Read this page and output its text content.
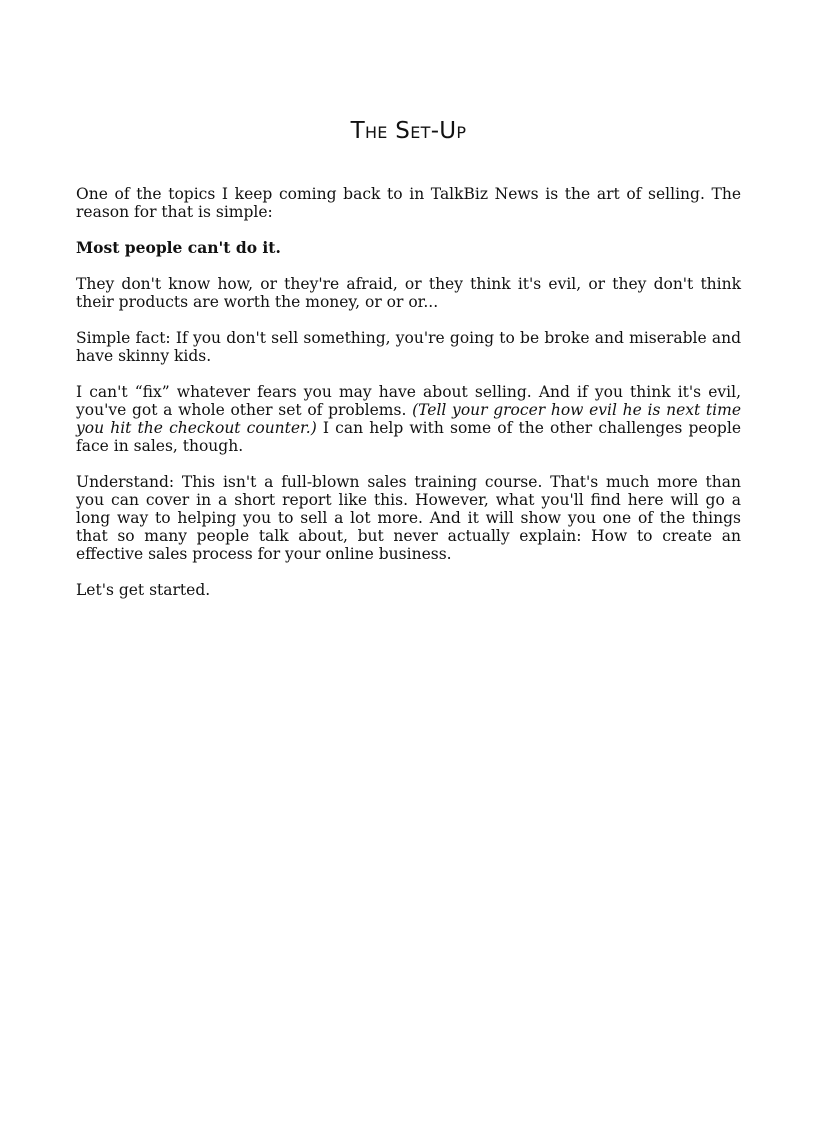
The Set-Up

One of the topics I keep coming back to in TalkBiz News is the art of selling. The reason for that is simple:

Most people can't do it.

They don't know how, or they're afraid, or they think it's evil, or they don't think their products are worth the money, or or or...

Simple fact: If you don't sell something, you're going to be broke and miserable and have skinny kids.

I can't “fix” whatever fears you may have about selling. And if you think it's evil, you've got a whole other set of problems. (Tell your grocer how evil he is next time you hit the checkout counter.) I can help with some of the other challenges people face in sales, though.

Understand: This isn't a full-blown sales training course. That's much more than you can cover in a short report like this. However, what you'll find here will go a long way to helping you to sell a lot more. And it will show you one of the things that so many people talk about, but never actually explain: How to create an effective sales process for your online business.

Let's get started.
